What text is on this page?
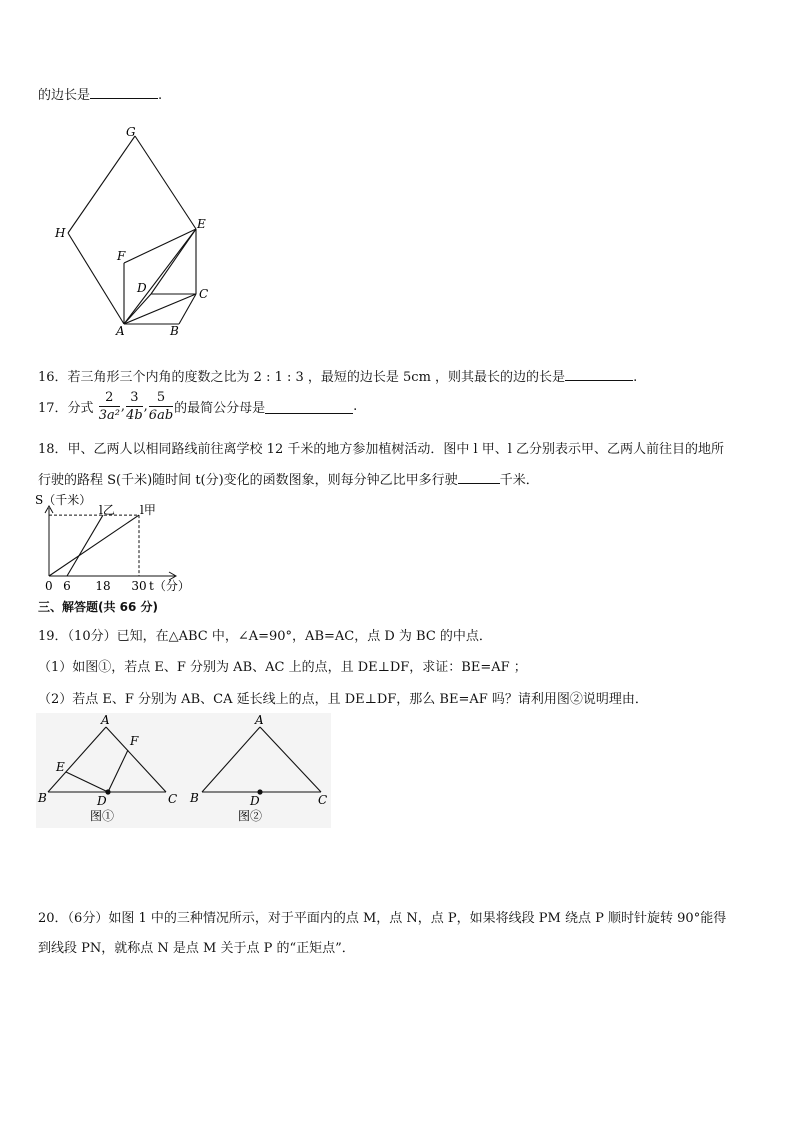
的边长是	.
G
H
E
F
D	C
A	B
16．若三角形三个内角的度数之比为 2 : 1 : 3 ，最短的边长是 5cm ，则其最长的边的长是	.
17．分式 $\frac{2}{\text{3a²}}$ , $\frac{3}{4b}$ , $\frac{5}{6ab}$ 的最简公分母是	.
18．甲、乙两人以相同路线前往离学校 12 千米的地方参加植树活动．图中 l 甲、l 乙分别表示甲、乙两人前往目的地所
行驶的路程 S(千米)随时间 t(分)变化的函数图象，则每分钟乙比甲多行驶	千米．
S（千米）
t（分）
0 6 18 30
l乙 l甲
三、解答题(共 66 分)
19．（10分）已知，在△ABC 中，∠A=90°，AB=AC，点 D 为 BC 的中点．
（1）如图①，若点 E、F 分别为 AB、AC 上的点，且 DE⊥DF，求证：BE=AF ；
（2）若点 E、F 分别为 AB、CA 延长线上的点，且 DE⊥DF，那么 BE=AF 吗？请利用图②说明理由．
A
F
E
B	D	C
图①
A
B	D	C
图②
20．（6分）如图 1 中的三种情况所示，对于平面内的点 M，点 N，点 P，如果将线段 PM 绕点 P 顺时针旋转 90°能得
到线段 PN，就称点 N 是点 M 关于点 P 的“正矩点”．
